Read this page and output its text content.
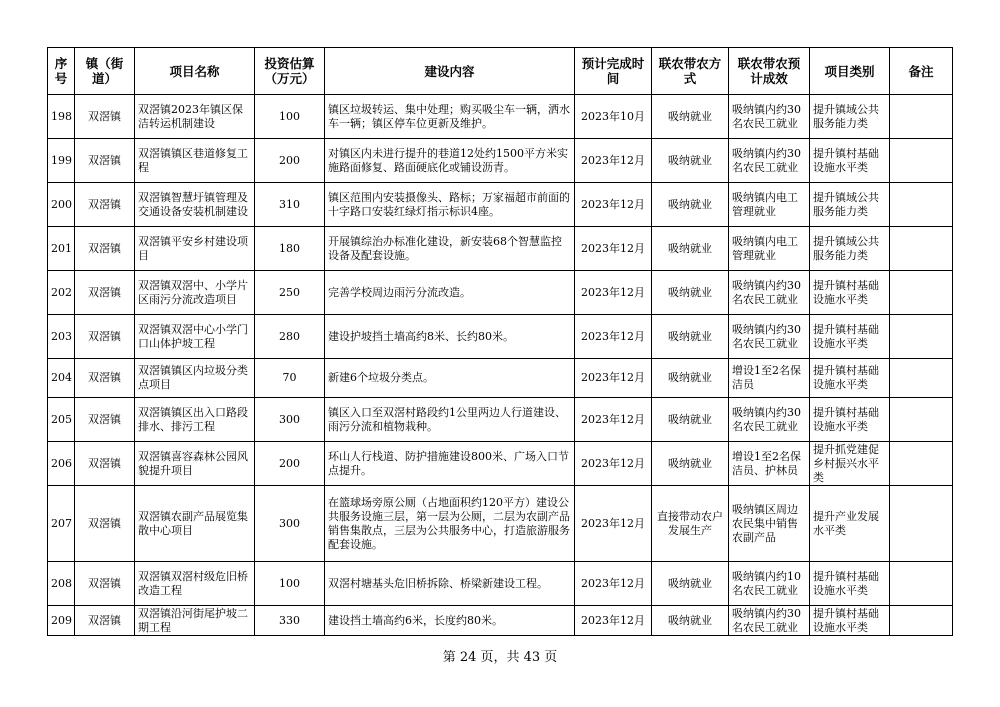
序号	镇（街道）	项目名称	投资估算（万元）	建设内容	预计完成时间	联农带农方式	联农带农预计成效	项目类别	备注
198	双滘镇	双滘镇2023年镇区保洁转运机制建设	100	镇区垃圾转运、集中处理；购买吸尘车一辆，洒水车一辆；镇区停车位更新及维护。	2023年10月	吸纳就业	吸纳镇内约30名农民工就业	提升镇域公共服务能力类	
199	双滘镇	双滘镇镇区巷道修复工程	200	对镇区内未进行提升的巷道12处约1500平方米实施路面修复、路面硬底化或铺设沥青。	2023年12月	吸纳就业	吸纳镇内约30名农民工就业	提升镇村基础设施水平类	
200	双滘镇	双滘镇智慧圩镇管理及交通设备安装机制建设	310	镇区范围内安装摄像头、路标；万家福超市前面的十字路口安装红绿灯指示标识4座。	2023年12月	吸纳就业	吸纳镇内电工管理就业	提升镇域公共服务能力类	
201	双滘镇	双滘镇平安乡村建设项目	180	开展镇综治办标准化建设，新安装68个智慧监控设备及配套设施。	2023年12月	吸纳就业	吸纳镇内电工管理就业	提升镇域公共服务能力类	
202	双滘镇	双滘镇双滘中、小学片区雨污分流改造项目	250	完善学校周边雨污分流改造。	2023年12月	吸纳就业	吸纳镇内约30名农民工就业	提升镇村基础设施水平类	
203	双滘镇	双滘镇双滘中心小学门口山体护坡工程	280	建设护坡挡土墙高约8米、长约80米。	2023年12月	吸纳就业	吸纳镇内约30名农民工就业	提升镇村基础设施水平类	
204	双滘镇	双滘镇镇区内垃圾分类点项目	70	新建6个垃圾分类点。	2023年12月	吸纳就业	增设1至2名保洁员	提升镇村基础设施水平类	
205	双滘镇	双滘镇镇区出入口路段排水、排污工程	300	镇区入口至双滘村路段约1公里两边人行道建设、雨污分流和植物栽种。	2023年12月	吸纳就业	吸纳镇内约30名农民工就业	提升镇村基础设施水平类	
206	双滘镇	双滘镇喜容森林公园风貌提升项目	200	环山人行栈道、防护措施建设800米、广场入口节点提升。	2023年12月	吸纳就业	增设1至2名保洁员、护林员	提升抓党建促乡村振兴水平类	
207	双滘镇	双滘镇农副产品展览集散中心项目	300	在篮球场旁原公厕（占地面积约120平方）建设公共服务设施三层，第一层为公厕，二层为农副产品销售集散点，三层为公共服务中心，打造旅游服务配套设施。	2023年12月	直接带动农户发展生产	吸纳镇区周边农民集中销售农副产品	提升产业发展水平类	
208	双滘镇	双滘镇双滘村级危旧桥改造工程	100	双滘村塘基头危旧桥拆除、桥梁新建设工程。	2023年12月	吸纳就业	吸纳镇内约10名农民工就业	提升镇村基础设施水平类	
209	双滘镇	双滘镇沿河街尾护坡二期工程	330	建设挡土墙高约6米，长度约80米。	2023年12月	吸纳就业	吸纳镇内约30名农民工就业	提升镇村基础设施水平类	
第 24 页，共 43 页
